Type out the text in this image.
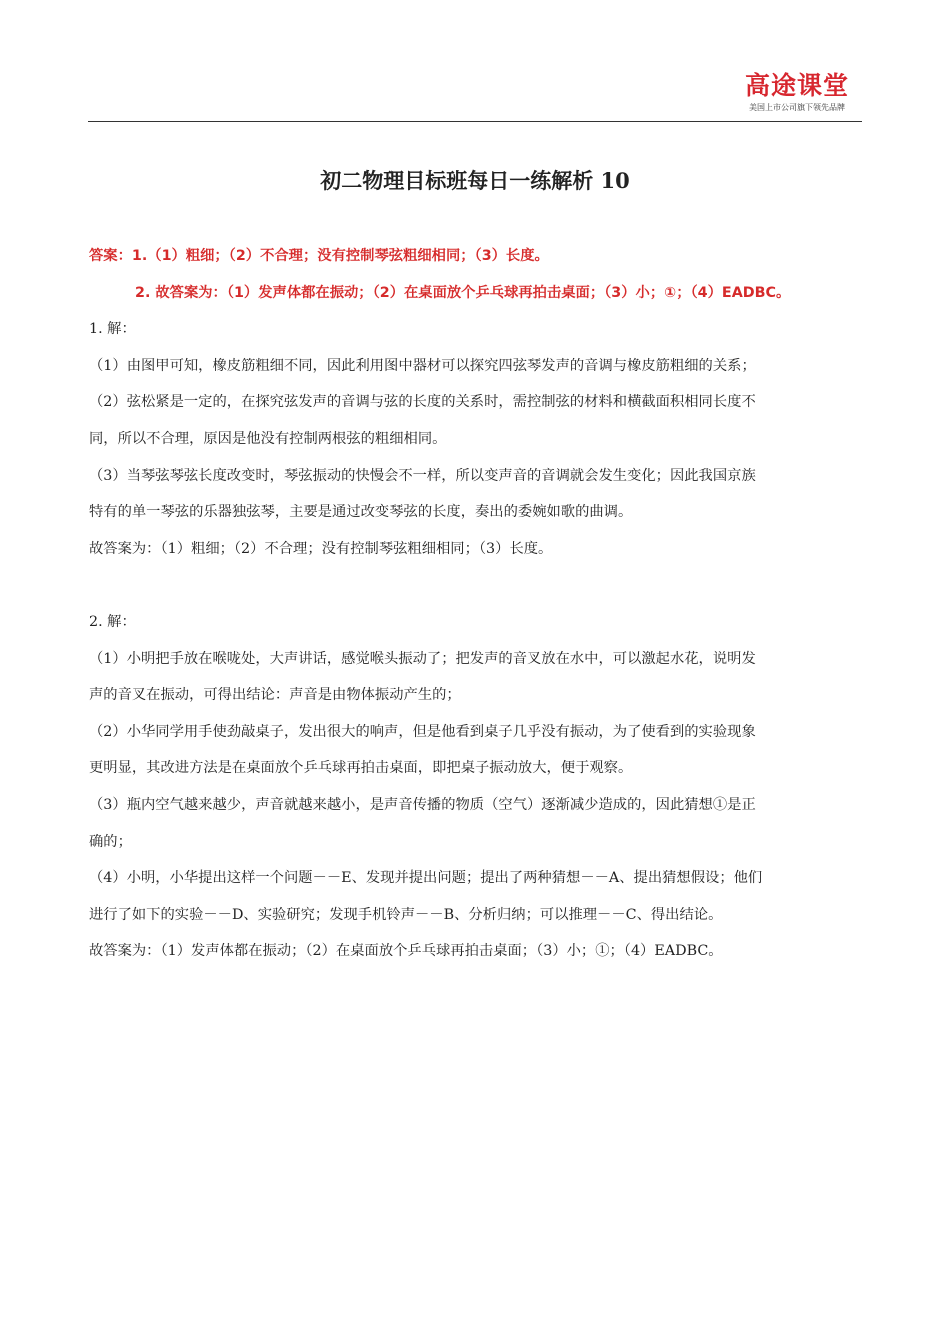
高途课堂
美国上市公司旗下领先品牌
初二物理目标班每日一练解析 10

答案：1.（1）粗细；（2）不合理；没有控制琴弦粗细相同；（3）长度。

2. 故答案为：（1）发声体都在振动；（2）在桌面放个乒乓球再拍击桌面；（3）小；①；（4）EADBC。

1. 解：

（1）由图甲可知，橡皮筋粗细不同，因此利用图中器材可以探究四弦琴发声的音调与橡皮筋粗细的关系；

（2）弦松紧是一定的，在探究弦发声的音调与弦的长度的关系时，需控制弦的材料和横截面积相同长度不

同，所以不合理，原因是他没有控制两根弦的粗细相同。

（3）当琴弦琴弦长度改变时，琴弦振动的快慢会不一样，所以变声音的音调就会发生变化；因此我国京族

特有的单一琴弦的乐器独弦琴，主要是通过改变琴弦的长度，奏出的委婉如歌的曲调。

故答案为：（1）粗细；（2）不合理；没有控制琴弦粗细相同；（3）长度。

2. 解：

（1）小明把手放在喉咙处，大声讲话，感觉喉头振动了；把发声的音叉放在水中，可以激起水花，说明发

声的音叉在振动，可得出结论：声音是由物体振动产生的；

（2）小华同学用手使劲敲桌子，发出很大的响声，但是他看到桌子几乎没有振动，为了使看到的实验现象

更明显，其改进方法是在桌面放个乒乓球再拍击桌面，即把桌子振动放大，便于观察。

（3）瓶内空气越来越少，声音就越来越小，是声音传播的物质（空气）逐渐减少造成的，因此猜想①是正

确的；

（4）小明，小华提出这样一个问题－－E、发现并提出问题；提出了两种猜想－－A、提出猜想假设；他们

进行了如下的实验－－D、实验研究；发现手机铃声－－B、分析归纳；可以推理－－C、得出结论。

故答案为：（1）发声体都在振动；（2）在桌面放个乒乓球再拍击桌面；（3）小；①；（4）EADBC。
